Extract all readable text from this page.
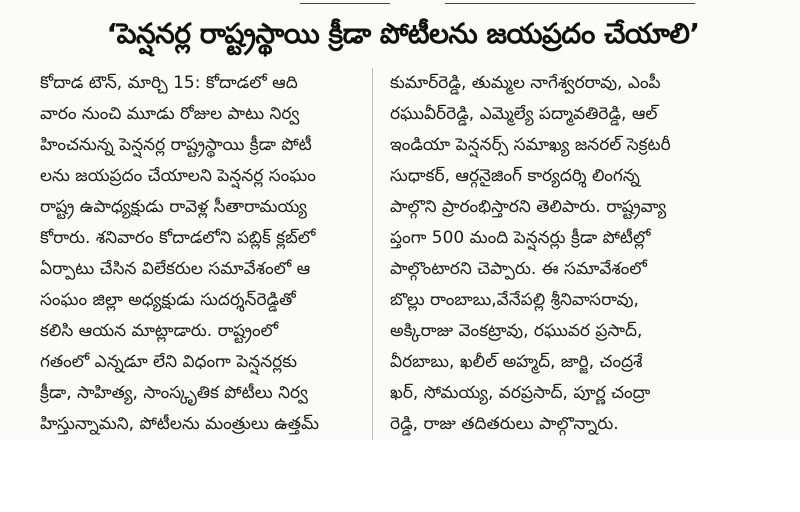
‘పెన్షనర్ల రాష్ట్రస్థాయి క్రీడా పోటీలను జయప్రదం చేయాలి’
కోదాడ టౌన్, మార్చి 15: కోదాడలో ఆది
వారం నుంచి మూడు రోజుల పాటు నిర్వ
హించనున్న పెన్షనర్ల రాష్ట్రస్థాయి క్రీడా పోటీ
లను జయప్రదం చేయాలని పెన్షనర్ల సంఘం
రాష్ట్ర ఉపాధ్యక్షుడు రావెళ్ల సీతారామయ్య
కోరారు. శనివారం కోదాడలోని పబ్లిక్ క్లబ్‌లో
ఏర్పాటు చేసిన విలేకరుల సమావేశంలో ఆ
సంఘం జిల్లా అధ్యక్షుడు సుదర్శన్‌రెడ్డితో
కలిసి ఆయన మాట్లాడారు. రాష్ట్రంలో
గతంలో ఎన్నడూ లేని విధంగా పెన్షనర్లకు
క్రీడా, సాహిత్య, సాంస్కృతిక పోటీలు నిర్వ
హిస్తున్నామని, పోటీలను మంత్రులు ఉత్తమ్
కుమార్‌రెడ్డి, తుమ్మల నాగేశ్వరరావు, ఎంపీ
రఘువీర్‌రెడ్డి, ఎమ్మెల్యే పద్మావతిరెడ్డి, ఆల్
ఇండియా పెన్షనర్స్ సమాఖ్య జనరల్ సెక్రటరీ
సుధాకర్, ఆర్గనైజింగ్ కార్యదర్శి లింగన్న
పాల్గొని ప్రారంభిస్తారని తెలిపారు. రాష్ట్రవ్యా
ప్తంగా 500 మంది పెన్షనర్లు క్రీడా పోటీల్లో
పాల్గొంటారని చెప్పారు. ఈ సమావేశంలో
బొల్లు రాంబాబు,వేనేపల్లి శ్రీనివాసరావు,
అక్కిరాజు వెంకట్రావు, రఘువర ప్రసాద్,
వీరబాబు, ఖలీల్ అహ్మద్, జార్జి, చంద్రశే
ఖర్, సోమయ్య, వరప్రసాద్, పూర్ణ చంద్రా
రెడ్డి, రాజు తదితరులు పాల్గొన్నారు.
